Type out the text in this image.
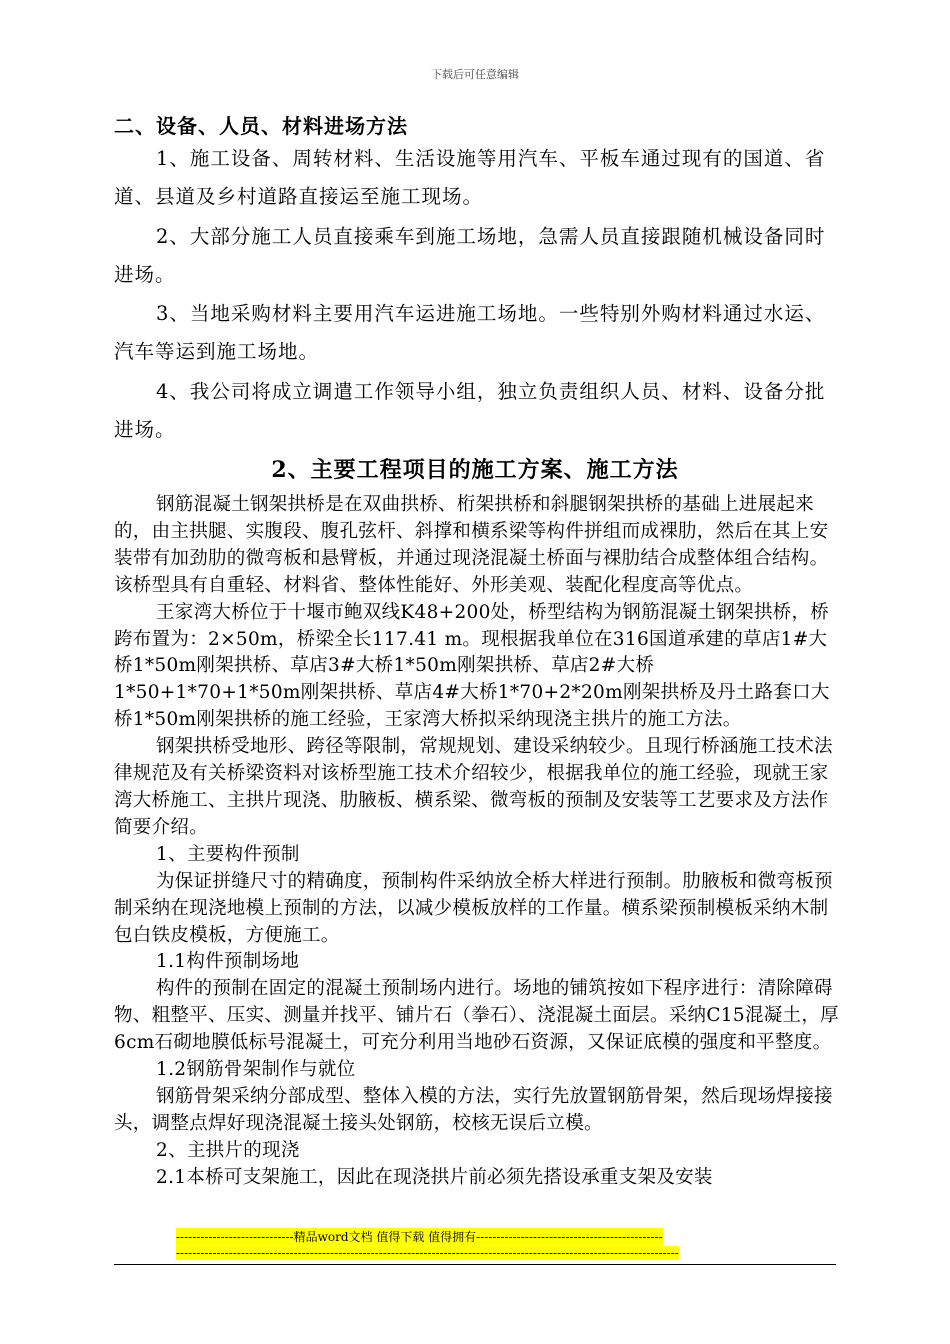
下载后可任意编辑
二、设备、人员、材料进场方法

1、施工设备、周转材料、生活设施等用汽车、平板车通过现有的国道、省道、县道及乡村道路直接运至施工现场。

2、大部分施工人员直接乘车到施工场地，急需人员直接跟随机械设备同时进场。

3、当地采购材料主要用汽车运进施工场地。一些特别外购材料通过水运、汽车等运到施工场地。

4、我公司将成立调遣工作领导小组，独立负责组织人员、材料、设备分批进场。

2、主要工程项目的施工方案、施工方法

钢筋混凝土钢架拱桥是在双曲拱桥、桁架拱桥和斜腿钢架拱桥的基础上进展起来的，由主拱腿、实腹段、腹孔弦杆、斜撑和横系梁等构件拼组而成裸肋，然后在其上安装带有加劲肋的微弯板和悬臂板，并通过现浇混凝土桥面与裸肋结合成整体组合结构。该桥型具有自重轻、材料省、整体性能好、外形美观、装配化程度高等优点。

王家湾大桥位于十堰市鲍双线K48+200处，桥型结构为钢筋混凝土钢架拱桥，桥跨布置为：2×50m，桥梁全长117.41 m。现根据我单位在316国道承建的草店1#大桥1*50m刚架拱桥、草店3#大桥1*50m刚架拱桥、草店2#大桥1*50+1*70+1*50m刚架拱桥、草店4#大桥1*70+2*20m刚架拱桥及丹土路套口大桥1*50m刚架拱桥的施工经验，王家湾大桥拟采纳现浇主拱片的施工方法。

钢架拱桥受地形、跨径等限制，常规规划、建设采纳较少。且现行桥涵施工技术法律规范及有关桥梁资料对该桥型施工技术介绍较少，根据我单位的施工经验，现就王家湾大桥施工、主拱片现浇、肋腋板、横系梁、微弯板的预制及安装等工艺要求及方法作简要介绍。

1、主要构件预制

为保证拼缝尺寸的精确度，预制构件采纳放全桥大样进行预制。肋腋板和微弯板预制采纳在现浇地模上预制的方法，以减少模板放样的工作量。横系梁预制模板采纳木制包白铁皮模板，方便施工。

1.1构件预制场地

构件的预制在固定的混凝土预制场内进行。场地的铺筑按如下程序进行：清除障碍物、粗整平、压实、测量并找平、铺片石（拳石）、浇混凝土面层。采纳C15混凝土，厚6cm石砌地膜低标号混凝土，可充分利用当地砂石资源，又保证底模的强度和平整度。

1.2钢筋骨架制作与就位

钢筋骨架采纳分部成型、整体入模的方法，实行先放置钢筋骨架，然后现场焊接接头，调整点焊好现浇混凝土接头处钢筋，校核无误后立模。

2、主拱片的现浇

2.1本桥可支架施工，因此在现浇拱片前必须先搭设承重支架及安装

-----------------------------精品word文档 值得下载 值得拥有----------------------------------------------
----------------------------------------------------------------------------------------------------------------------------
